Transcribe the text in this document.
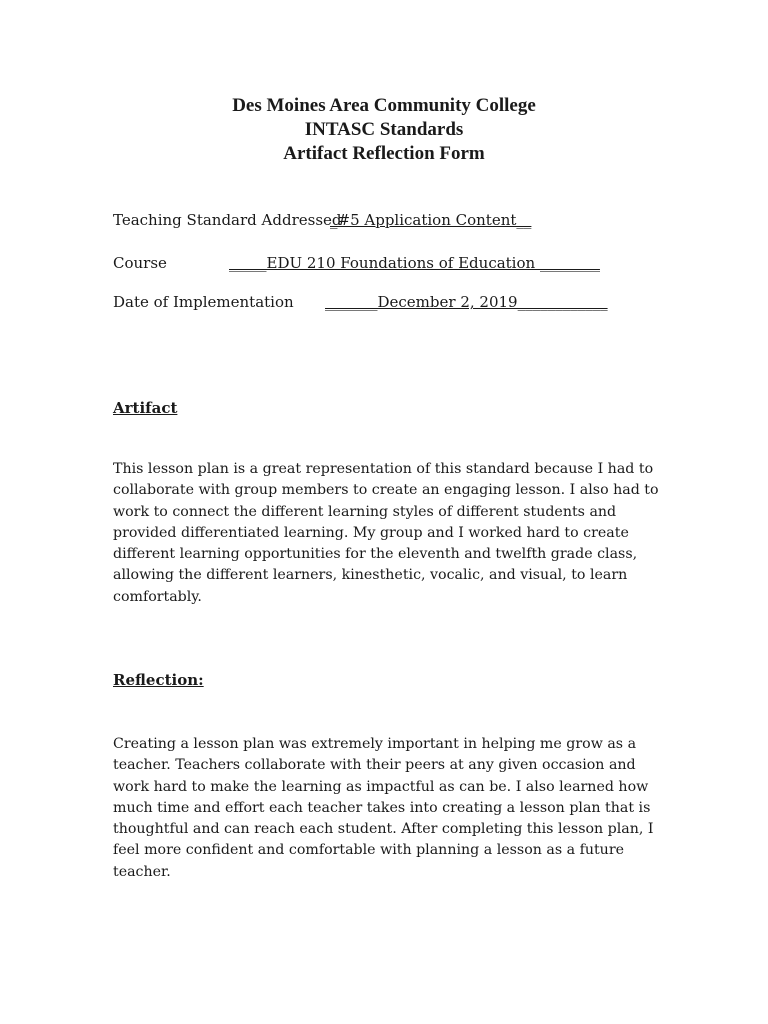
Des Moines Area Community College
INTASC Standards
Artifact Reflection Form
Teaching Standard Addressed
_#5 Application Content__
Course	_____EDU 210 Foundations of Education ________
Date of Implementation _______December 2, 2019____________
Artifact
This lesson plan is a great representation of this standard because I had to
collaborate with group members to create an engaging lesson. I also had to
work to connect the different learning styles of different students and
provided differentiated learning. My group and I worked hard to create
different learning opportunities for the eleventh and twelfth grade class,
allowing the different learners, kinesthetic, vocalic, and visual, to learn
comfortably.
Reflection:
Creating a lesson plan was extremely important in helping me grow as a
teacher. Teachers collaborate with their peers at any given occasion and
work hard to make the learning as impactful as can be. I also learned how
much time and effort each teacher takes into creating a lesson plan that is
thoughtful and can reach each student. After completing this lesson plan, I
feel more confident and comfortable with planning a lesson as a future
teacher.
